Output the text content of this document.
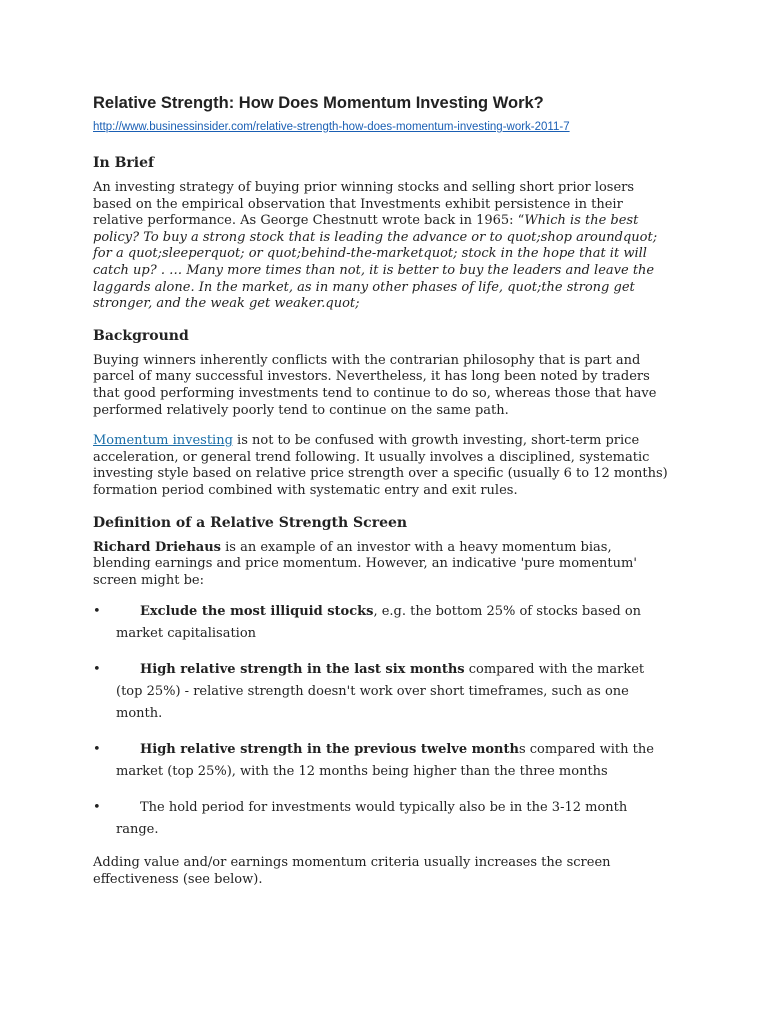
Relative Strength: How Does Momentum Investing Work?
http://www.businessinsider.com/relative-strength-how-does-momentum-investing-work-2011-7
In Brief

An investing strategy of buying prior winning stocks and selling short prior losers based on the empirical observation that Investments exhibit persistence in their relative performance. As George Chestnutt wrote back in 1965: “Which is the best policy? To buy a strong stock that is leading the advance or to quot;shop aroundquot; for a quot;sleeperquot; or quot;behind-the-marketquot; stock in the hope that it will catch up? . … Many more times than not, it is better to buy the leaders and leave the laggards alone. In the market, as in many other phases of life, quot;the strong get stronger, and the weak get weaker.quot;

Background

Buying winners inherently conflicts with the contrarian philosophy that is part and parcel of many successful investors. Nevertheless, it has long been noted by traders that good performing investments tend to continue to do so, whereas those that have performed relatively poorly tend to continue on the same path.

Momentum investing is not to be confused with growth investing, short-term price acceleration, or general trend following. It usually involves a disciplined, systematic investing style based on relative price strength over a specific (usually 6 to 12 months) formation period combined with systematic entry and exit rules.

Definition of a Relative Strength Screen

Richard Driehaus is an example of an investor with a heavy momentum bias, blending earnings and price momentum. However, an indicative 'pure momentum' screen might be:

•	Exclude the most illiquid stocks, e.g. the bottom 25% of stocks based on market capitalisation
•	High relative strength in the last six months compared with the market (top 25%) - relative strength doesn't work over short timeframes, such as one month.
•	High relative strength in the previous twelve months compared with the market (top 25%), with the 12 months being higher than the three months
•	The hold period for investments would typically also be in the 3-12 month range.

Adding value and/or earnings momentum criteria usually increases the screen effectiveness (see below).
